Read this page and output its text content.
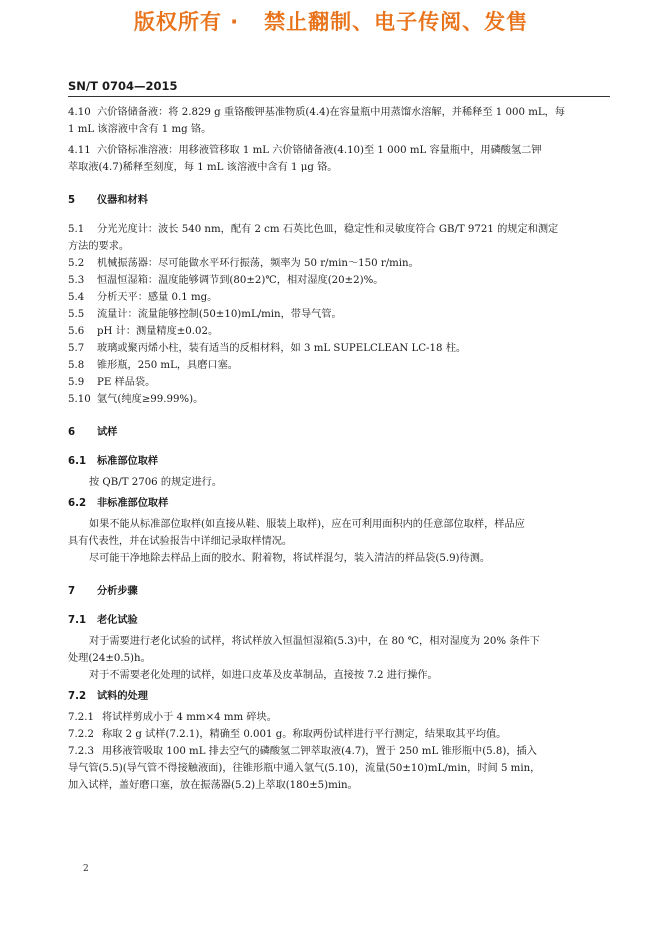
版权所有 ·   禁止翻制、电子传阅、发售
SN/T 0704—2015
4.10 六价铬储备液：将 2.829 g 重铬酸钾基准物质(4.4)在容量瓶中用蒸馏水溶解，并稀释至 1 000 mL，每
1 mL 该溶液中含有 1 mg 铬。
4.11 六价铬标准溶液：用移液管移取 1 mL 六价铬储备液(4.10)至 1 000 mL 容量瓶中，用磷酸氢二钾
萃取液(4.7)稀释至刻度，每 1 mL 该溶液中含有 1 μg 铬。
5 仪器和材料
5.1 分光光度计：波长 540 nm，配有 2 cm 石英比色皿，稳定性和灵敏度符合 GB/T 9721 的规定和测定
方法的要求。
5.2 机械振荡器：尽可能做水平环行振荡，频率为 50 r/min～150 r/min。
5.3 恒温恒湿箱：温度能够调节到(80±2)℃，相对湿度(20±2)%。
5.4 分析天平：感量 0.1 mg。
5.5 流量计：流量能够控制(50±10)mL/min，带导气管。
5.6 pH 计：测量精度±0.02。
5.7 玻璃或聚丙烯小柱，装有适当的反相材料，如 3 mL SUPELCLEAN LC-18 柱。
5.8 锥形瓶，250 mL，具磨口塞。
5.9 PE 样品袋。
5.10 氩气(纯度≥99.99%)。
6 试样
6.1 标准部位取样
按 QB/T 2706 的规定进行。
6.2 非标准部位取样
如果不能从标准部位取样(如直接从鞋、服装上取样)，应在可利用面积内的任意部位取样，样品应
具有代表性，并在试验报告中详细记录取样情况。
尽可能干净地除去样品上面的胶水、附着物，将试样混匀，装入清洁的样品袋(5.9)待测。
7 分析步骤
7.1 老化试验
对于需要进行老化试验的试样，将试样放入恒温恒湿箱(5.3)中，在 80 ℃，相对湿度为 20% 条件下
处理(24±0.5)h。
对于不需要老化处理的试样，如进口皮革及皮革制品，直接按 7.2 进行操作。
7.2 试料的处理
7.2.1 将试样剪成小于 4 mm×4 mm 碎块。
7.2.2 称取 2 g 试样(7.2.1)，精确至 0.001 g。称取两份试样进行平行测定，结果取其平均值。
7.2.3 用移液管吸取 100 mL 排去空气的磷酸氢二钾萃取液(4.7)，置于 250 mL 锥形瓶中(5.8)，插入
导气管(5.5)(导气管不得接触液面)，往锥形瓶中通入氩气(5.10)，流量(50±10)mL/min，时间 5 min，
加入试样，盖好磨口塞，放在振荡器(5.2)上萃取(180±5)min。
2
